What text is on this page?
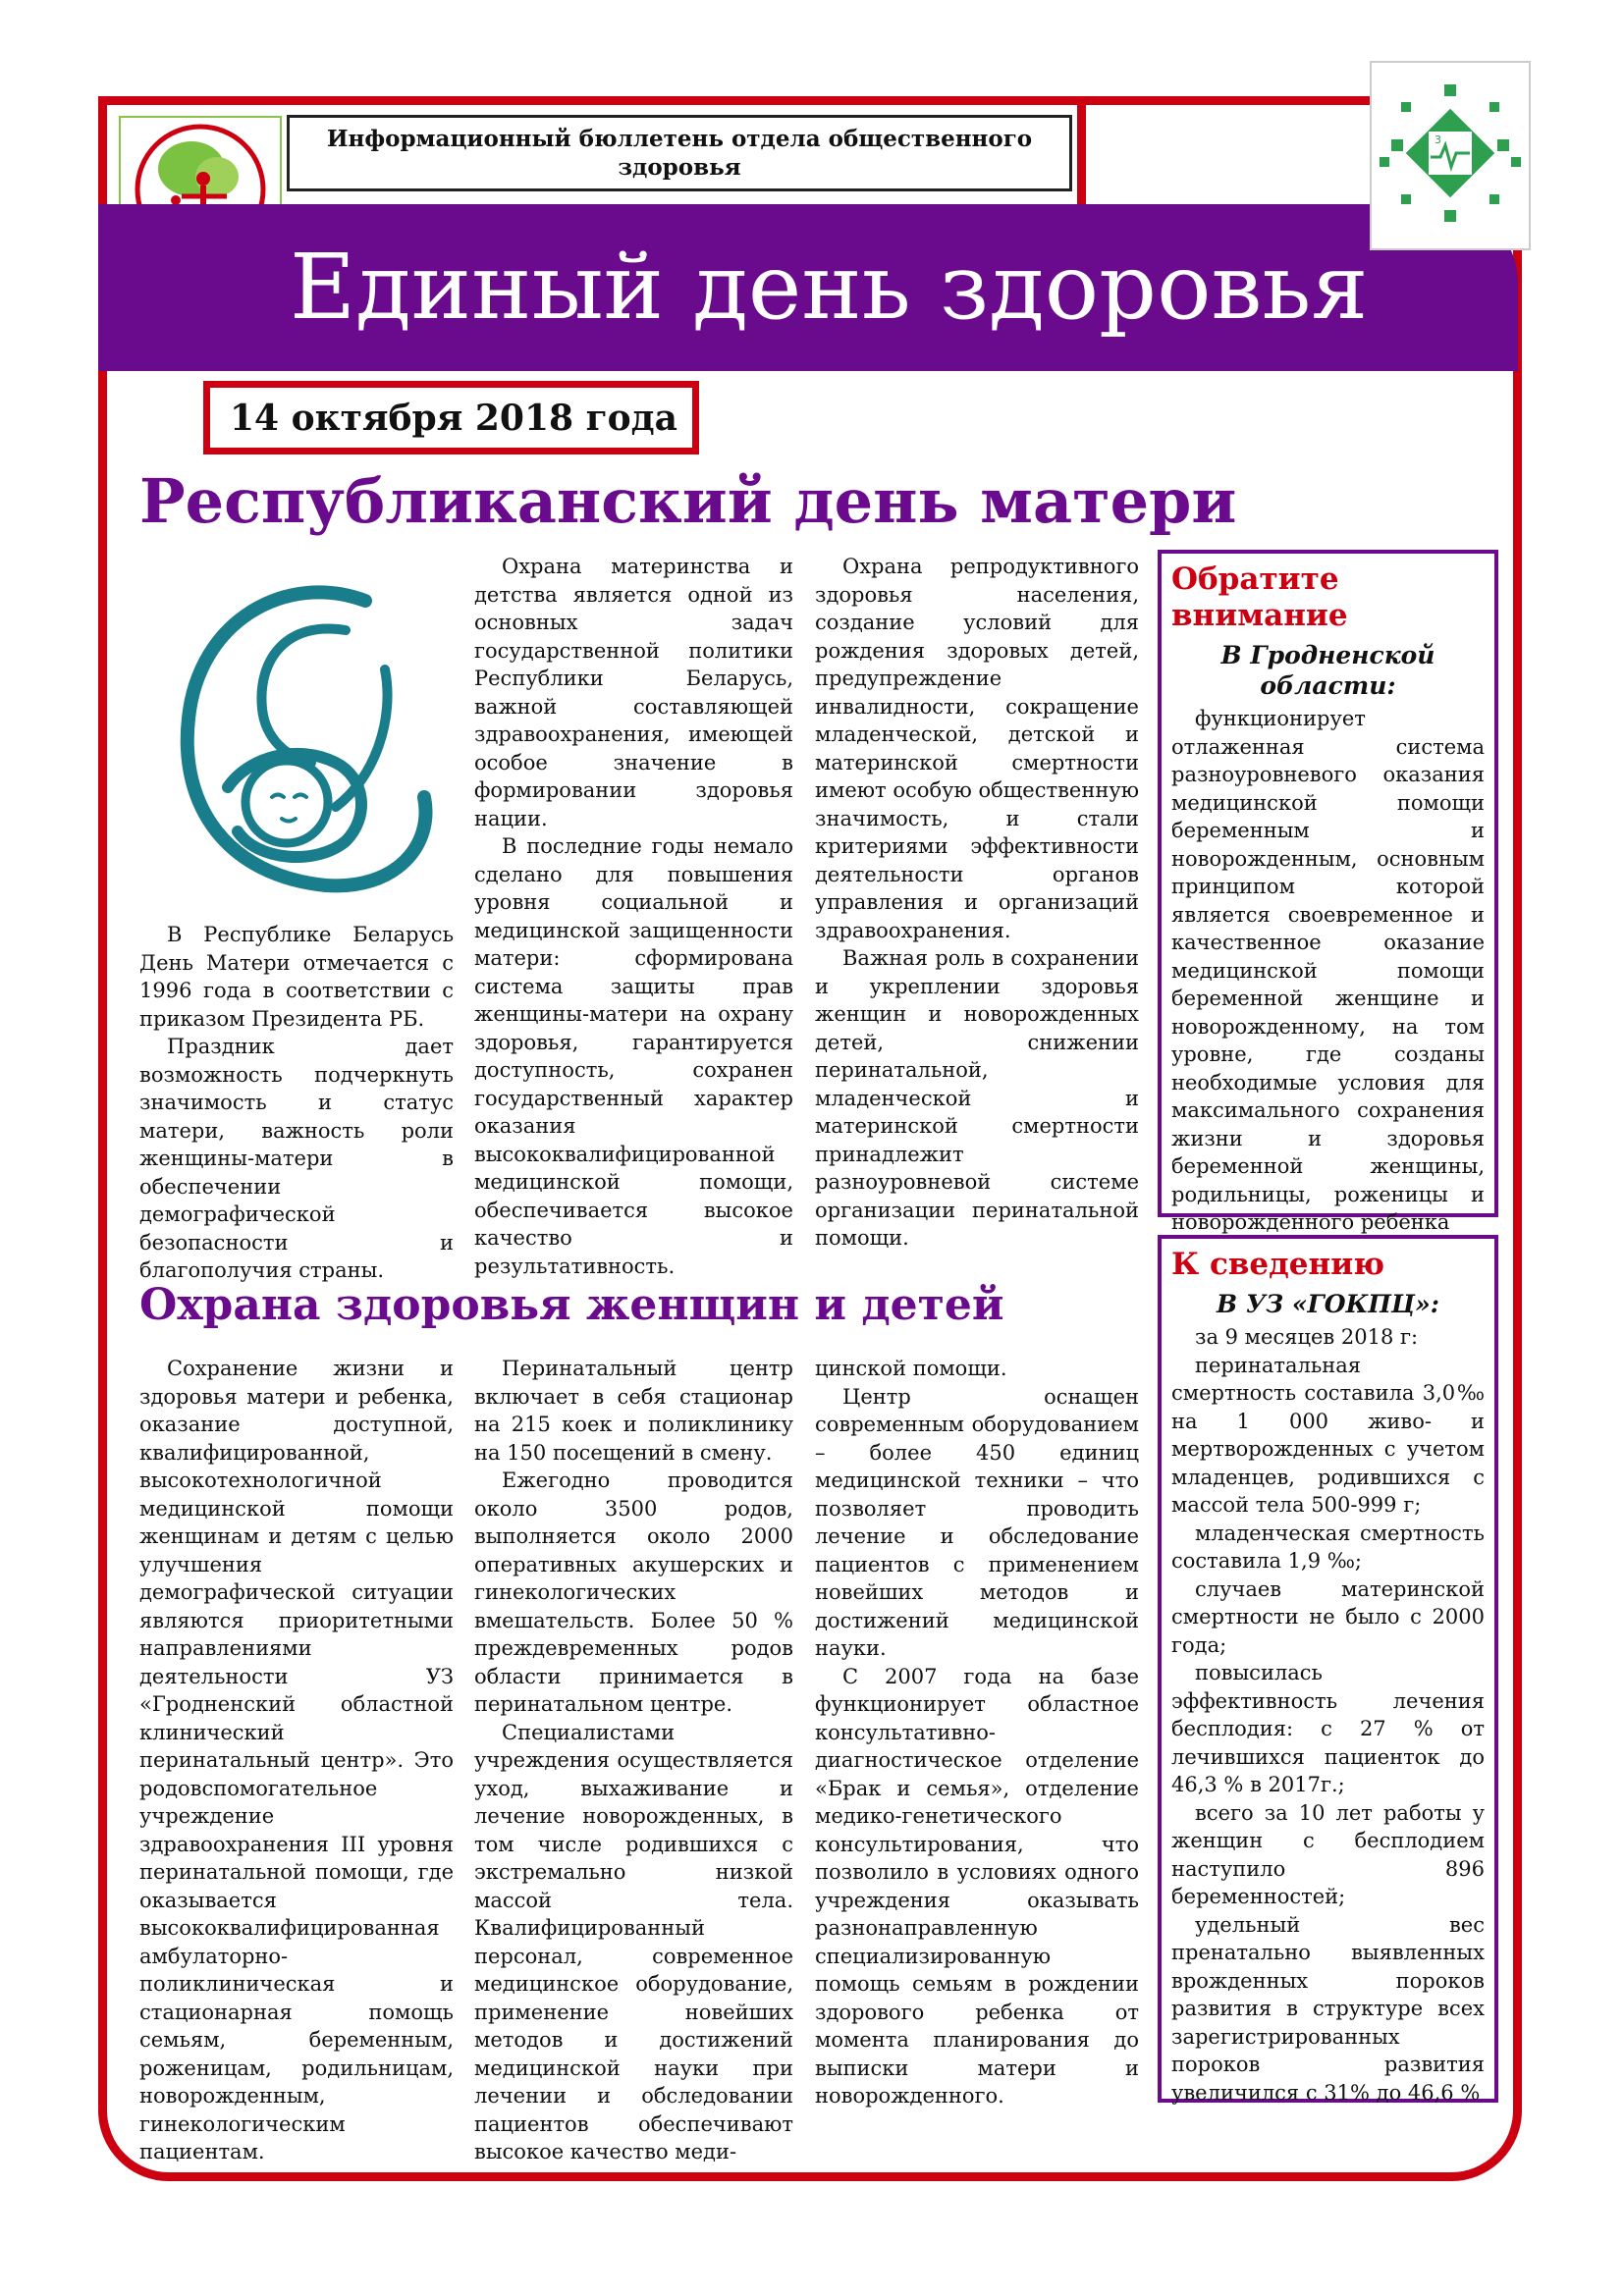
Информационный бюллетень отдела общественного здоровья
Единый день здоровья
3
14 октября 2018 года
Республиканский день матери

В Республике Беларусь День Матери отмечается с 1996 года в соответствии с приказом Президента РБ.

Праздник дает возможность подчеркнуть значимость и статус матери, важность роли женщины-матери в обеспечении демографической безопасности и благополучия страны.

Охрана материнства и детства является одной из основных задач государственной политики Республики Беларусь, важной составляющей здравоохранения, имеющей особое значение в формировании здоровья нации.

В последние годы немало сделано для повышения уровня социальной и медицинской защищенности матери: сформирована система защиты прав женщины-матери на охрану здоровья, гарантируется доступность, сохранен государственный характер оказания высококвалифицированной медицинской помощи, обеспечивается высокое качество и результативность.

Охрана репродуктивного здоровья населения, создание условий для рождения здоровых детей, предупреждение инвалидности, сокращение младенческой, детской и материнской смертности имеют особую общественную значимость, и стали критериями эффективности деятельности органов управления и организаций здравоохранения.

Важная роль в сохранении и укреплении здоровья женщин и новорожденных детей, снижении перинатальной, младенческой и материнской смертности принадлежит разноуровневой системе организации перинатальной помощи.

Обратите внимание
В Гродненской области:

функционирует отлаженная система разноуровневого оказания медицинской помощи беременным и новорожденным, основным принципом которой является своевременное и качественное оказание медицинской помощи беременной женщине и новорожденному, на том уровне, где созданы необходимые условия для максимального сохранения жизни и здоровья беременной женщины, родильницы, роженицы и новорожденного ребенка

Охрана здоровья женщин и детей

Сохранение жизни и здоровья матери и ребенка, оказание доступной, квалифицированной, высокотехнологичной медицинской помощи женщинам и детям с целью улучшения демографической ситуации являются приоритетными направлениями деятельности УЗ «Гродненский областной клинический перинатальный центр». Это родовспомогательное учреждение здравоохранения III уровня перинатальной помощи, где оказывается высококвалифицированная амбулаторно-поликлиническая и стационарная помощь семьям, беременным, роженицам, родильницам, новорожденным, гинекологическим пациентам.

Перинатальный центр включает в себя стационар на 215 коек и поликлинику на 150 посещений в смену.

Ежегодно проводится около 3500 родов, выполняется около 2000 оперативных акушерских и гинекологических вмешательств. Более 50 % преждевременных родов области принимается в перинатальном центре.

Специалистами учреждения осуществляется уход, выхаживание и лечение новорожденных, в том числе родившихся с экстремально низкой массой тела. Квалифицированный персонал, современное медицинское оборудование, применение новейших методов и достижений медицинской науки при лечении и обследовании пациентов обеспечивают высокое качество меди-

цинской помощи.

Центр оснащен современным оборудованием – более 450 единиц медицинской техники – что позволяет проводить лечение и обследование пациентов с применением новейших методов и достижений медицинской науки.

С 2007 года на базе функционирует областное консультативно-диагностическое отделение «Брак и семья», отделение медико-генетического консультирования, что позволило в условиях одного учреждения оказывать разнонаправленную специализированную помощь семьям в рождении здорового ребенка от момента планирования до выписки матери и новорожденного.

К сведению
В УЗ «ГОКПЦ»:

за 9 месяцев 2018 г:

перинатальная смертность составила 3,0‰ на 1 000 живо- и мертворожденных с учетом младенцев, родившихся с массой тела 500-999 г;

младенческая смертность составила 1,9 ‰;

случаев материнской смертности не было с 2000 года;

повысилась эффективность лечения бесплодия: с 27 % от лечившихся пациенток до 46,3 % в 2017г.;

всего за 10 лет работы у женщин с бесплодием наступило 896 беременностей;

удельный вес пренатально выявленных врожденных пороков развития в структуре всех зарегистрированных пороков развития увеличился с 31% до 46,6 %
